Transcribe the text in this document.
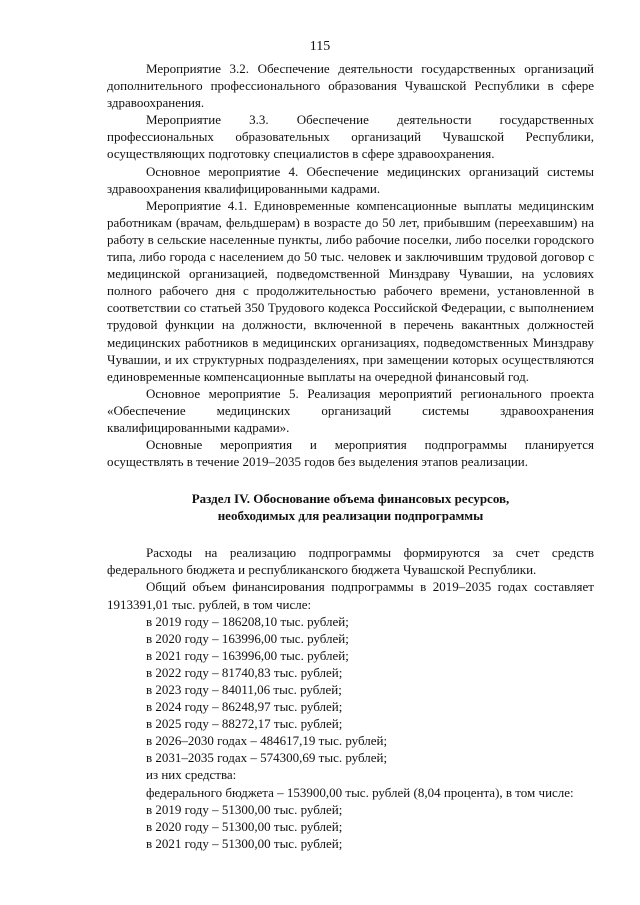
115

Мероприятие 3.2. Обеспечение деятельности государственных организаций дополнительного профессионального образования Чувашской Республики в сфере здравоохранения.

Мероприятие 3.3. Обеспечение деятельности государственных профессиональных образовательных организаций Чувашской Республики, осуществляющих подготовку специалистов в сфере здравоохранения.

Основное мероприятие 4. Обеспечение медицинских организаций системы здравоохранения квалифицированными кадрами.

Мероприятие 4.1. Единовременные компенсационные выплаты медицинским работникам (врачам, фельдшерам) в возрасте до 50 лет, прибывшим (переехавшим) на работу в сельские населенные пункты, либо рабочие поселки, либо поселки городского типа, либо города с населением до 50 тыс. человек и заключившим трудовой договор с медицинской организацией, подведомственной Минздраву Чувашии, на условиях полного рабочего дня с продолжительностью рабочего времени, установленной в соответствии со статьей 350 Трудового кодекса Российской Федерации, с выполнением трудовой функции на должности, включенной в перечень вакантных должностей медицинских работников в медицинских организациях, подведомственных Минздраву Чувашии, и их структурных подразделениях, при замещении которых осуществляются единовременные компенсационные выплаты на очередной финансовый год.

Основное мероприятие 5. Реализация мероприятий регионального проекта «Обеспечение медицинских организаций системы здравоохранения квалифицированными кадрами».

Основные мероприятия и мероприятия подпрограммы планируется осуществлять в течение 2019–2035 годов без выделения этапов реализации.

Раздел IV. Обоснование объема финансовых ресурсов,
необходимых для реализации подпрограммы

Расходы на реализацию подпрограммы формируются за счет средств федерального бюджета и республиканского бюджета Чувашской Республики.

Общий объем финансирования подпрограммы в 2019–2035 годах составляет 1913391,01 тыс. рублей, в том числе:

в 2019 году – 186208,10 тыс. рублей;

в 2020 году – 163996,00 тыс. рублей;

в 2021 году – 163996,00 тыс. рублей;

в 2022 году – 81740,83 тыс. рублей;

в 2023 году – 84011,06 тыс. рублей;

в 2024 году – 86248,97 тыс. рублей;

в 2025 году – 88272,17 тыс. рублей;

в 2026–2030 годах – 484617,19 тыс. рублей;

в 2031–2035 годах – 574300,69 тыс. рублей;

из них средства:

федерального бюджета – 153900,00 тыс. рублей (8,04 процента), в том числе:

в 2019 году – 51300,00 тыс. рублей;

в 2020 году – 51300,00 тыс. рублей;

в 2021 году – 51300,00 тыс. рублей;
